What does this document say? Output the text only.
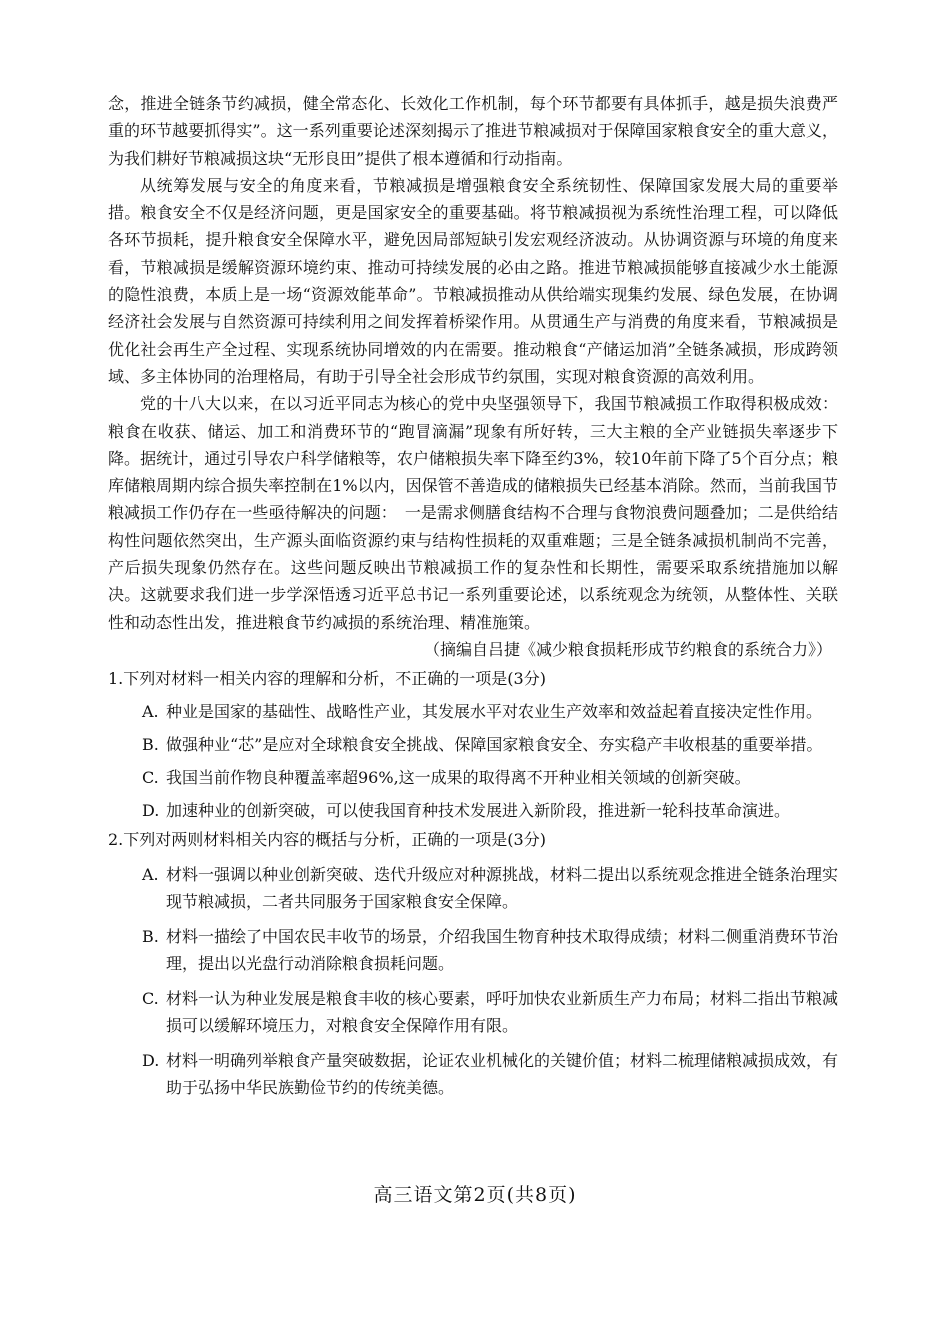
念，推进全链条节约减损，健全常态化、长效化工作机制，每个环节都要有具体抓手，越是损失浪费严重的环节越要抓得实”。这一系列重要论述深刻揭示了推进节粮减损对于保障国家粮食安全的重大意义，为我们耕好节粮减损这块“无形良田”提供了根本遵循和行动指南。

从统筹发展与安全的角度来看，节粮减损是增强粮食安全系统韧性、保障国家发展大局的重要举措。粮食安全不仅是经济问题，更是国家安全的重要基础。将节粮减损视为系统性治理工程，可以降低各环节损耗，提升粮食安全保障水平，避免因局部短缺引发宏观经济波动。从协调资源与环境的角度来看，节粮减损是缓解资源环境约束、推动可持续发展的必由之路。推进节粮减损能够直接减少水土能源的隐性浪费，本质上是一场“资源效能革命”。节粮减损推动从供给端实现集约发展、绿色发展，在协调经济社会发展与自然资源可持续利用之间发挥着桥梁作用。从贯通生产与消费的角度来看，节粮减损是优化社会再生产全过程、实现系统协同增效的内在需要。推动粮食“产储运加消”全链条减损，形成跨领域、多主体协同的治理格局，有助于引导全社会形成节约氛围，实现对粮食资源的高效利用。

党的十八大以来，在以习近平同志为核心的党中央坚强领导下，我国节粮减损工作取得积极成效：粮食在收获、储运、加工和消费环节的“跑冒滴漏”现象有所好转，三大主粮的全产业链损失率逐步下降。据统计，通过引导农户科学储粮等，农户储粮损失率下降至约3%，较10年前下降了5个百分点；粮库储粮周期内综合损失率控制在1%以内，因保管不善造成的储粮损失已经基本消除。然而，当前我国节粮减损工作仍存在一些亟待解决的问题：　一是需求侧膳食结构不合理与食物浪费问题叠加；二是供给结构性问题依然突出，生产源头面临资源约束与结构性损耗的双重难题；三是全链条减损机制尚不完善，产后损失现象仍然存在。这些问题反映出节粮减损工作的复杂性和长期性，需要采取系统措施加以解决。这就要求我们进一步学深悟透习近平总书记一系列重要论述，以系统观念为统领，从整体性、关联性和动态性出发，推进粮食节约减损的系统治理、精准施策。

（摘编自吕捷《减少粮食损耗形成节约粮食的系统合力》）

1.下列对材料一相关内容的理解和分析，不正确的一项是(3分)

A. 种业是国家的基础性、战略性产业，其发展水平对农业生产效率和效益起着直接决定性作用。

B. 做强种业“芯”是应对全球粮食安全挑战、保障国家粮食安全、夯实稳产丰收根基的重要举措。

C. 我国当前作物良种覆盖率超96%,这一成果的取得离不开种业相关领域的创新突破。

D. 加速种业的创新突破，可以使我国育种技术发展进入新阶段，推进新一轮科技革命演进。

2.下列对两则材料相关内容的概括与分析，正确的一项是(3分)

A. 材料一强调以种业创新突破、迭代升级应对种源挑战，材料二提出以系统观念推进全链条治理实现节粮减损，二者共同服务于国家粮食安全保障。

B. 材料一描绘了中国农民丰收节的场景，介绍我国生物育种技术取得成绩；材料二侧重消费环节治理，提出以光盘行动消除粮食损耗问题。

C. 材料一认为种业发展是粮食丰收的核心要素，呼吁加快农业新质生产力布局；材料二指出节粮减损可以缓解环境压力，对粮食安全保障作用有限。

D. 材料一明确列举粮食产量突破数据，论证农业机械化的关键价值；材料二梳理储粮减损成效，有助于弘扬中华民族勤俭节约的传统美德。

高三语文第2页(共8页)
